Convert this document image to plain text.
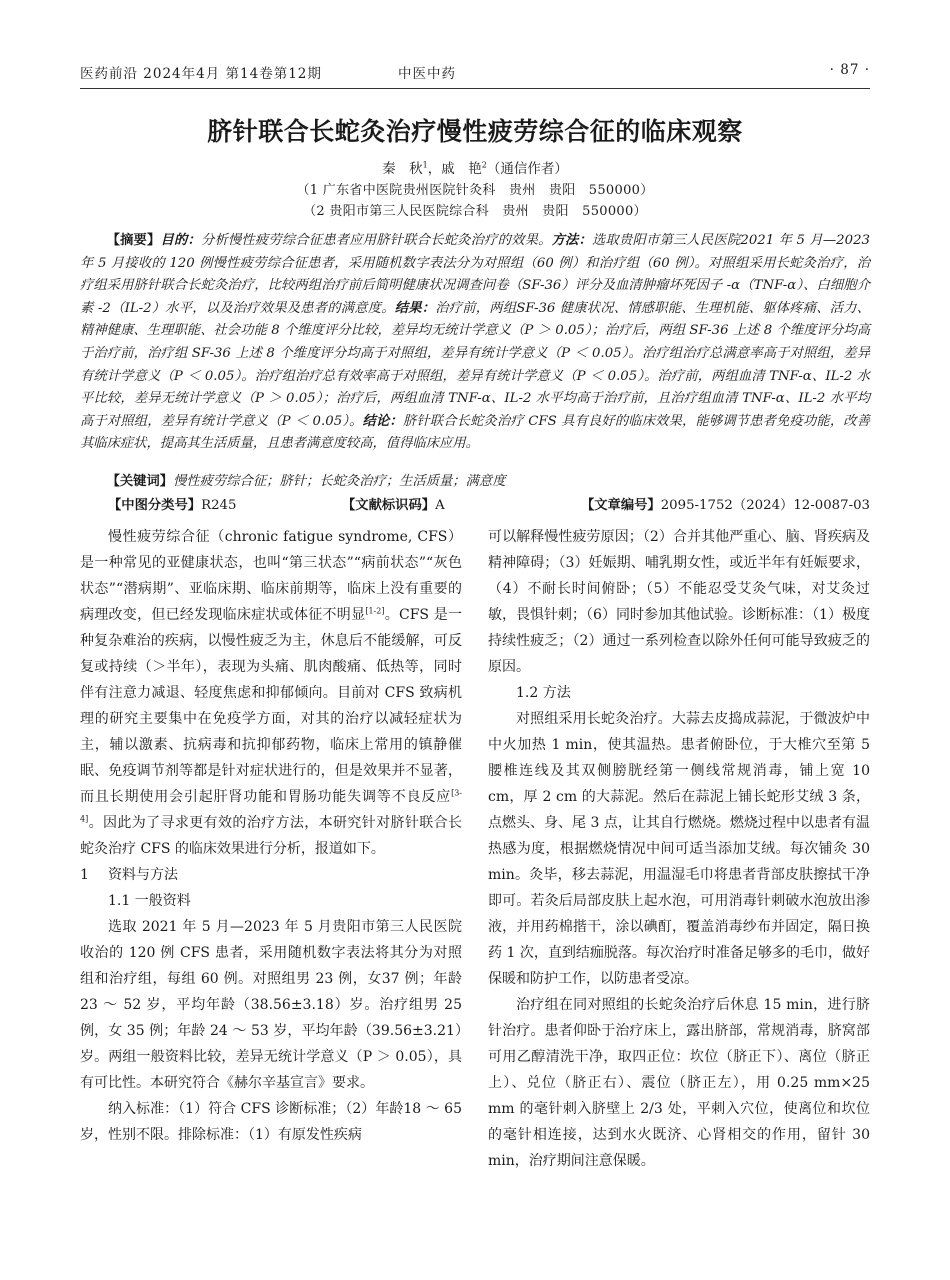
医药前沿 2024年4月 第14卷第12期	中医中药	· 87 ·
脐针联合长蛇灸治疗慢性疲劳综合征的临床观察
秦　秋$^1$，戚　艳$^2$（通信作者）
（1 广东省中医院贵州医院针灸科　贵州　贵阳　550000）
（2 贵阳市第三人民医院综合科　贵州　贵阳　550000）
【摘要】目的：分析慢性疲劳综合征患者应用脐针联合长蛇灸治疗的效果。方法：选取贵阳市第三人民医院2021 年 5 月—2023 年 5 月接收的 120 例慢性疲劳综合征患者，采用随机数字表法分为对照组（60 例）和治疗组（60 例）。对照组采用长蛇灸治疗，治疗组采用脐针联合长蛇灸治疗，比较两组治疗前后简明健康状况调查问卷（SF-36）评分及血清肿瘤坏死因子 -α（TNF-α）、白细胞介素 -2（IL-2）水平，以及治疗效果及患者的满意度。结果：治疗前，两组SF-36 健康状况、情感职能、生理机能、躯体疼痛、活力、精神健康、生理职能、社会功能 8 个维度评分比较，差异均无统计学意义（P ＞ 0.05）；治疗后，两组 SF-36 上述 8 个维度评分均高于治疗前，治疗组 SF-36 上述 8 个维度评分均高于对照组，差异有统计学意义（P ＜ 0.05）。治疗组治疗总满意率高于对照组，差异有统计学意义（P ＜ 0.05）。治疗组治疗总有效率高于对照组，差异有统计学意义（P ＜ 0.05）。治疗前，两组血清 TNF-α、IL-2 水平比较，差异无统计学意义（P ＞ 0.05）；治疗后，两组血清 TNF-α、IL-2 水平均高于治疗前，且治疗组血清 TNF-α、IL-2 水平均高于对照组，差异有统计学意义（P ＜ 0.05）。结论：脐针联合长蛇灸治疗 CFS 具有良好的临床效果，能够调节患者免疫功能，改善其临床症状，提高其生活质量，且患者满意度较高，值得临床应用。
【关键词】慢性疲劳综合征；脐针；长蛇灸治疗；生活质量；满意度
【中图分类号】R245	【文献标识码】A	【文章编号】2095-1752（2024）12-0087-03

慢性疲劳综合征（chronic fatigue syndrome, CFS）是一种常见的亚健康状态，也叫“第三状态”“病前状态”“灰色状态”“潜病期”、亚临床期、临床前期等，临床上没有重要的病理改变，但已经发现临床症状或体征不明显[1-2]。CFS 是一种复杂难治的疾病，以慢性疲乏为主，休息后不能缓解，可反复或持续（＞半年），表现为头痛、肌肉酸痛、低热等，同时伴有注意力减退、轻度焦虑和抑郁倾向。目前对 CFS 致病机理的研究主要集中在免疫学方面，对其的治疗以减轻症状为主，辅以激素、抗病毒和抗抑郁药物，临床上常用的镇静催眠、免疫调节剂等都是针对症状进行的，但是效果并不显著，而且长期使用会引起肝肾功能和胃肠功能失调等不良反应[3-4]。因此为了寻求更有效的治疗方法，本研究针对脐针联合长蛇灸治疗 CFS 的临床效果进行分析，报道如下。

1 资料与方法

1.1 一般资料

选取 2021 年 5 月—2023 年 5 月贵阳市第三人民医院收治的 120 例 CFS 患者，采用随机数字表法将其分为对照组和治疗组，每组 60 例。对照组男 23 例，女37 例；年龄 23 ～ 52 岁，平均年龄（38.56±3.18）岁。治疗组男 25 例，女 35 例；年龄 24 ～ 53 岁，平均年龄（39.56±3.21）岁。两组一般资料比较，差异无统计学意义（P ＞ 0.05），具有可比性。本研究符合《赫尔辛基宣言》要求。

纳入标准：（1）符合 CFS 诊断标准；（2）年龄18 ～ 65 岁，性别不限。排除标准：（1）有原发性疾病

可以解释慢性疲劳原因；（2）合并其他严重心、脑、肾疾病及精神障碍；（3）妊娠期、哺乳期女性，或近半年有妊娠要求，（4）不耐长时间俯卧；（5）不能忍受艾灸气味，对艾灸过敏，畏惧针刺；（6）同时参加其他试验。诊断标准：（1）极度持续性疲乏；（2）通过一系列检查以除外任何可能导致疲乏的原因。

1.2 方法

对照组采用长蛇灸治疗。大蒜去皮捣成蒜泥，于微波炉中中火加热 1 min，使其温热。患者俯卧位，于大椎穴至第 5 腰椎连线及其双侧膀胱经第一侧线常规消毒，铺上宽 10 cm，厚 2 cm 的大蒜泥。然后在蒜泥上铺长蛇形艾绒 3 条，点燃头、身、尾 3 点，让其自行燃烧。燃烧过程中以患者有温热感为度，根据燃烧情况中间可适当添加艾绒。每次铺灸 30 min。灸毕，移去蒜泥，用温湿毛巾将患者背部皮肤擦拭干净即可。若灸后局部皮肤上起水泡，可用消毒针刺破水泡放出渗液，并用药棉揩干，涂以碘酊，覆盖消毒纱布并固定，隔日换药 1 次，直到结痂脱落。每次治疗时准备足够多的毛巾，做好保暖和防护工作，以防患者受凉。

治疗组在同对照组的长蛇灸治疗后休息 15 min，进行脐针治疗。患者仰卧于治疗床上，露出脐部，常规消毒，脐窝部可用乙醇清洗干净，取四正位：坎位（脐正下）、离位（脐正上）、兑位（脐正右）、震位（脐正左），用 0.25 mm×25 mm 的毫针刺入脐壁上 2/3 处，平刺入穴位，使离位和坎位的毫针相连接，达到水火既济、心肾相交的作用，留针 30 min，治疗期间注意保暖。
